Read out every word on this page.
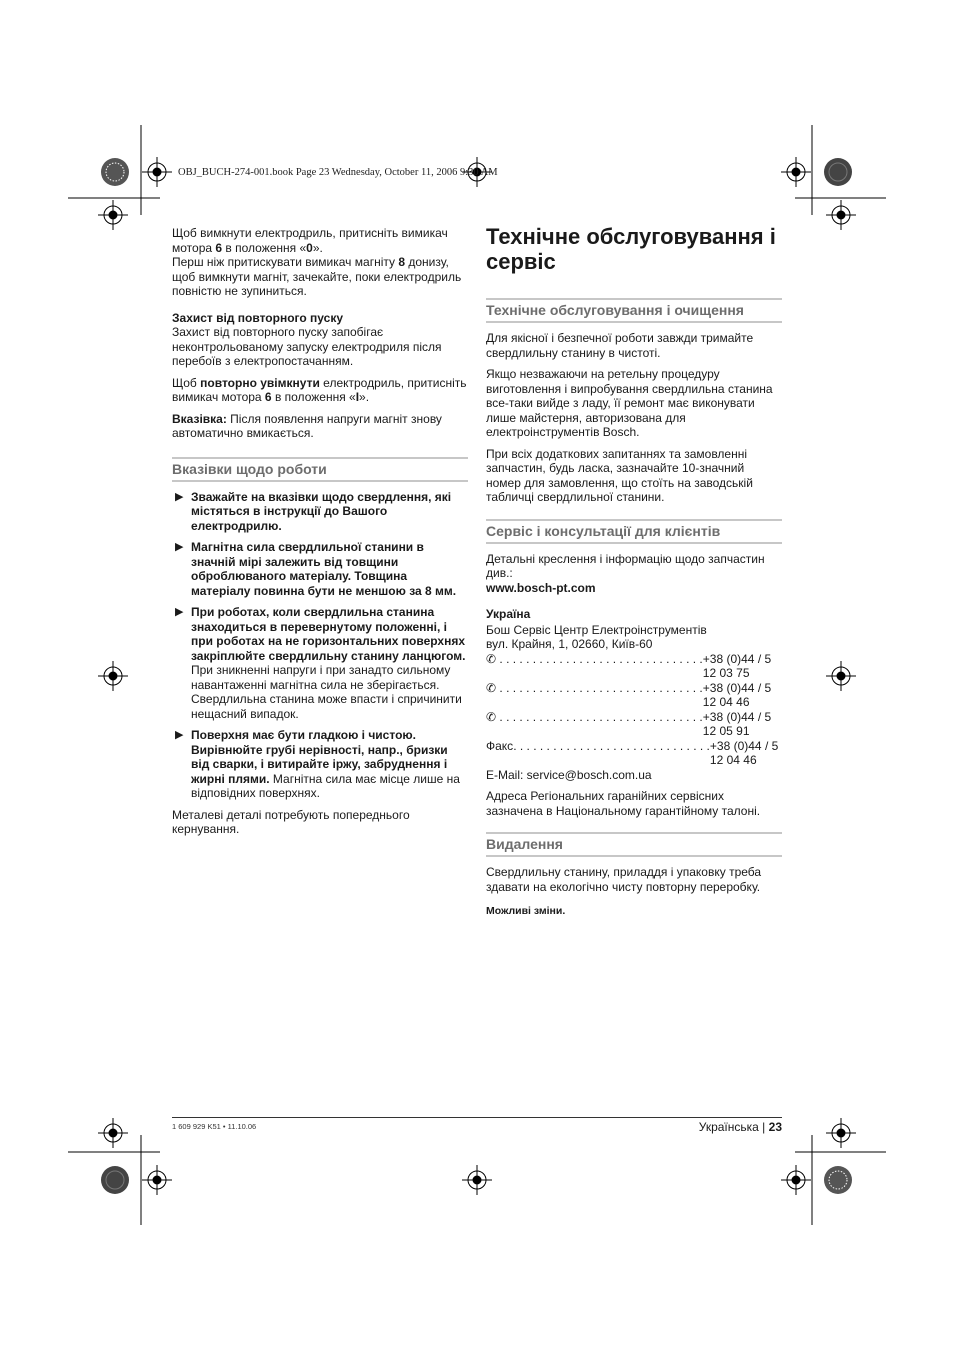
OBJ_BUCH-274-001.book Page 23 Wednesday, October 11, 2006 9:30 AM

Щоб вимкнути електродриль, притисніть вимикач мотора 6 в положення «0».
Перш ніж притискувати вимикач магніту 8 донизу, щоб вимкнути магніт, зачекайте, поки електродриль повністю не зупиниться.

Захист від повторного пуску

Захист від повторного пуску запобігає неконтрольованому запуску електродриля після перебоїв з електропостачанням.

Щоб повторно увімкнути електродриль, притисніть вимикач мотора 6 в положення «I».

Вказівка: Після появлення напруги магніт знову автоматично вмикається.

Вказівки щодо роботи
▶ Зважайте на вказівки щодо свердлення, які містяться в інструкції до Вашого електродрилю.
▶ Магнітна сила свердлильної станини в значній мірі залежить від товщини оброблюваного матеріалу. Товщина матеріалу повинна бути не меншою за 8 мм.
▶ При роботах, коли свердлильна станина знаходиться в перевернутому положенні, і при роботах на не горизонтальних поверхнях закріплюйте свердлильну станину ланцюгом. При зникненні напруги і при занадто сильному навантаженні магнітна сила не зберігається. Свердлильна станина може впасти і спричинити нещасний випадок.
▶ Поверхня має бути гладкою і чистою. Вирівнюйте грубі нерівності, напр., бризки від сварки, і витирайте іржу, забруднення і жирні плями. Магнітна сила має місце лише на відповідних поверхнях.

Металеві деталі потребують попереднього кернування.

Технічне обслуговування і сервіс
Технічне обслуговування і очищення

Для якісної і безпечної роботи завжди тримайте свердлильну станину в чистоті.

Якщо незважаючи на ретельну процедуру виготовлення і випробування свердлильна станина все-таки вийде з ладу, її ремонт має виконувати лише майстерня, авторизована для електроінструментів Bosch.

При всіх додаткових запитаннях та замовленні запчастин, будь ласка, зазначайте 10-значний номер для замовлення, що стоїть на заводській табличці свердлильної станини.

Сервіс і консультації для клієнтів

Детальні креслення і інформацію щодо запчастин див.:

www.bosch-pt.com

Україна

Бош Сервіс Центр Електроінструментів
вул. Крайня, 1, 02660, Київ-60
✆ . . . . . . . . . . . . . . . . . . . . . . . . . . . . . . . +38 (0)44 / 5 12 03 75
✆ . . . . . . . . . . . . . . . . . . . . . . . . . . . . . . . +38 (0)44 / 5 12 04 46
✆ . . . . . . . . . . . . . . . . . . . . . . . . . . . . . . . +38 (0)44 / 5 12 05 91
Факс. . . . . . . . . . . . . . . . . . . . . . . . . . . . . . +38 (0)44 / 5 12 04 46

E-Mail: service@bosch.com.ua

Адреса Регіональних гаранійних сервісних зазначена в Національному гарантійному талоні.

Видалення

Свердлильну станину, приладдя і упаковку треба здавати на екологічно чисту повторну переробку.

Можливі зміни.

1 609 929 K51 • 11.10.06	Українська | 23
